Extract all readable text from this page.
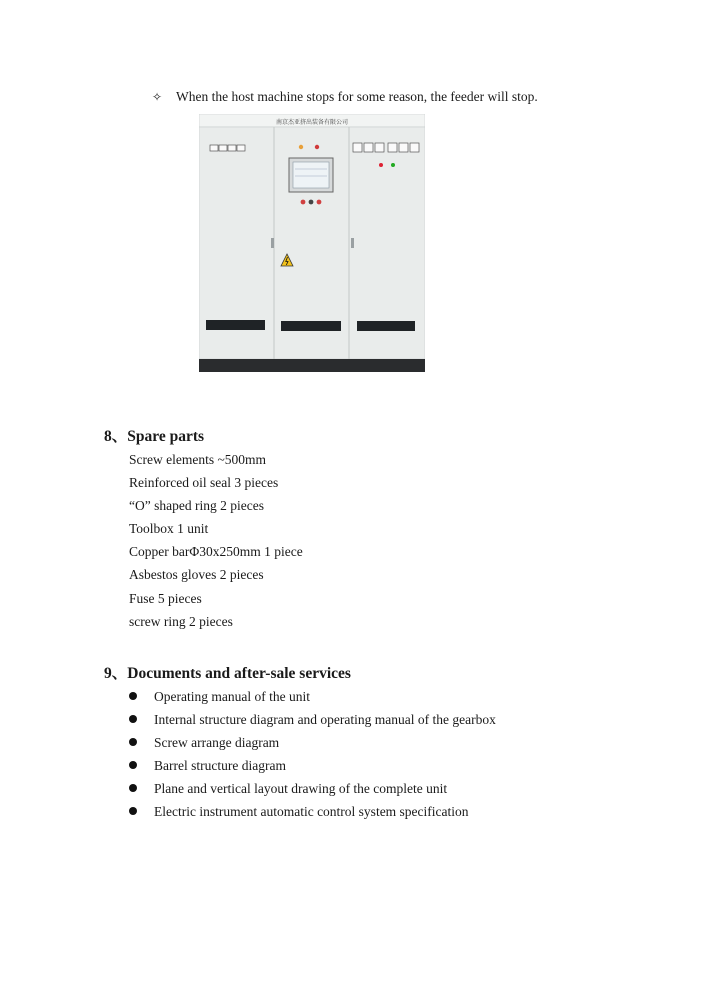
✧ When the host machine stops for some reason, the feeder will stop.
南京杰亚挤出装备有限公司
8、Spare parts
Screw elements ~500mm
Reinforced oil seal 3 pieces
“O” shaped ring 2 pieces
Toolbox 1 unit
Copper barΦ30x250mm 1 piece
Asbestos gloves 2 pieces
Fuse 5 pieces
screw ring 2 pieces
9、Documents and after-sale services
Operating manual of the unit
Internal structure diagram and operating manual of the gearbox
Screw arrange diagram
Barrel structure diagram
Plane and vertical layout drawing of the complete unit
Electric instrument automatic control system specification
